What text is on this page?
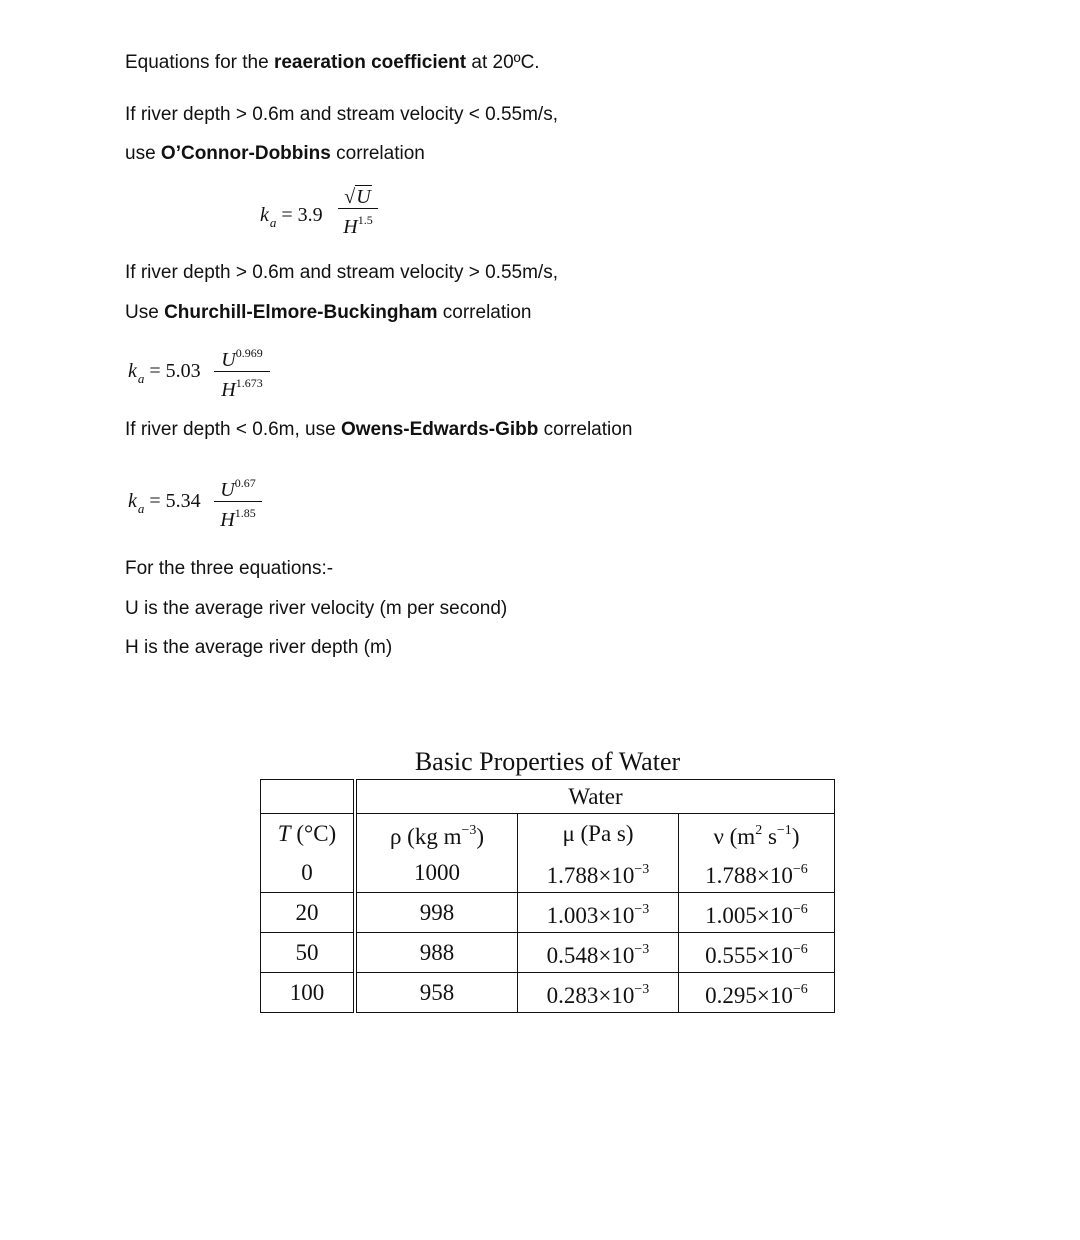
Equations for the reaeration coefficient at 20ºC.
If river depth > 0.6m and stream velocity < 0.55m/s,
use O’Connor-Dobbins correlation
$k_a = 3.9$
√U
$H^{1.5}$
If river depth > 0.6m and stream velocity > 0.55m/s,
Use Churchill-Elmore-Buckingham correlation
$k_a = 5.03$	$U^{0.969}$
$H^{1.673}$
If river depth < 0.6m, use Owens-Edwards-Gibb correlation
$k_a = 5.34$ $U^{0.67}$
$H^{1.85}$
For the three equations:-
U is the average river velocity (m per second)
H is the average river depth (m)
Basic Properties of Water
	Water		
T (°C)	ρ (kg $m^{-3}$)	μ (Pa s)	ν ($m^2$ $s^{-1}$)
0	1000	$1.788\times 10^{-3}$	$1.788\times 10^{-6}$
20	998	$1.003\times 10^{-3}$	$1.005\times 10^{-6}$
50	988	$0.548\times 10^{-3}$	$0.555\times 10^{-6}$
100	958	$0.283\times 10^{-3}$	$0.295\times 10^{-6}$
